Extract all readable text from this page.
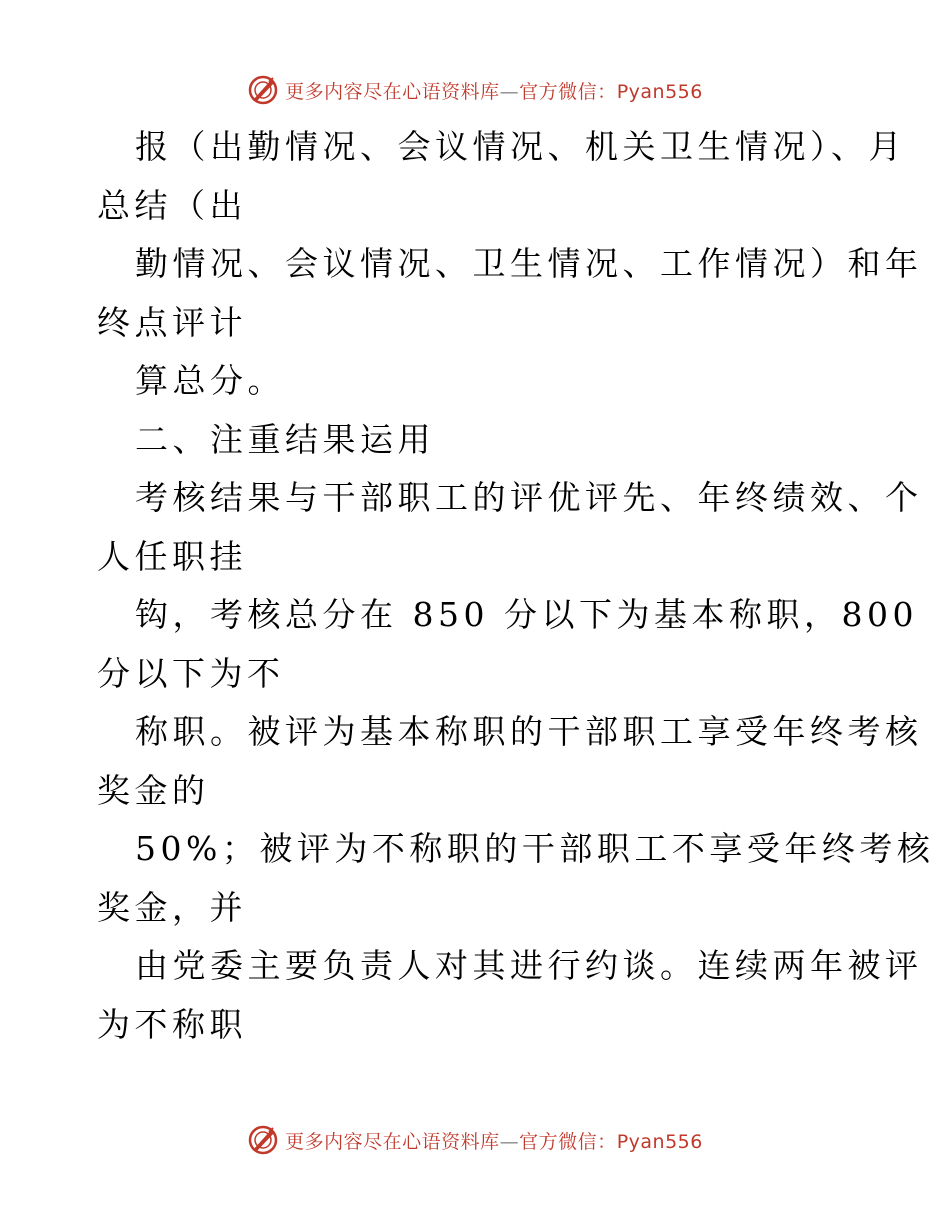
更多内容尽在心语资料库—官方微信：Pyan556
报（出勤情况、会议情况、机关卫生情况）、月
总结（出
勤情况、会议情况、卫生情况、工作情况）和年
终点评计
算总分。
二、注重结果运用
考核结果与干部职工的评优评先、年终绩效、个
人任职挂
钩，考核总分在 850 分以下为基本称职，800
分以下为不
称职。被评为基本称职的干部职工享受年终考核
奖金的
50%；被评为不称职的干部职工不享受年终考核
奖金，并
由党委主要负责人对其进行约谈。连续两年被评
为不称职
更多内容尽在心语资料库—官方微信：Pyan556
